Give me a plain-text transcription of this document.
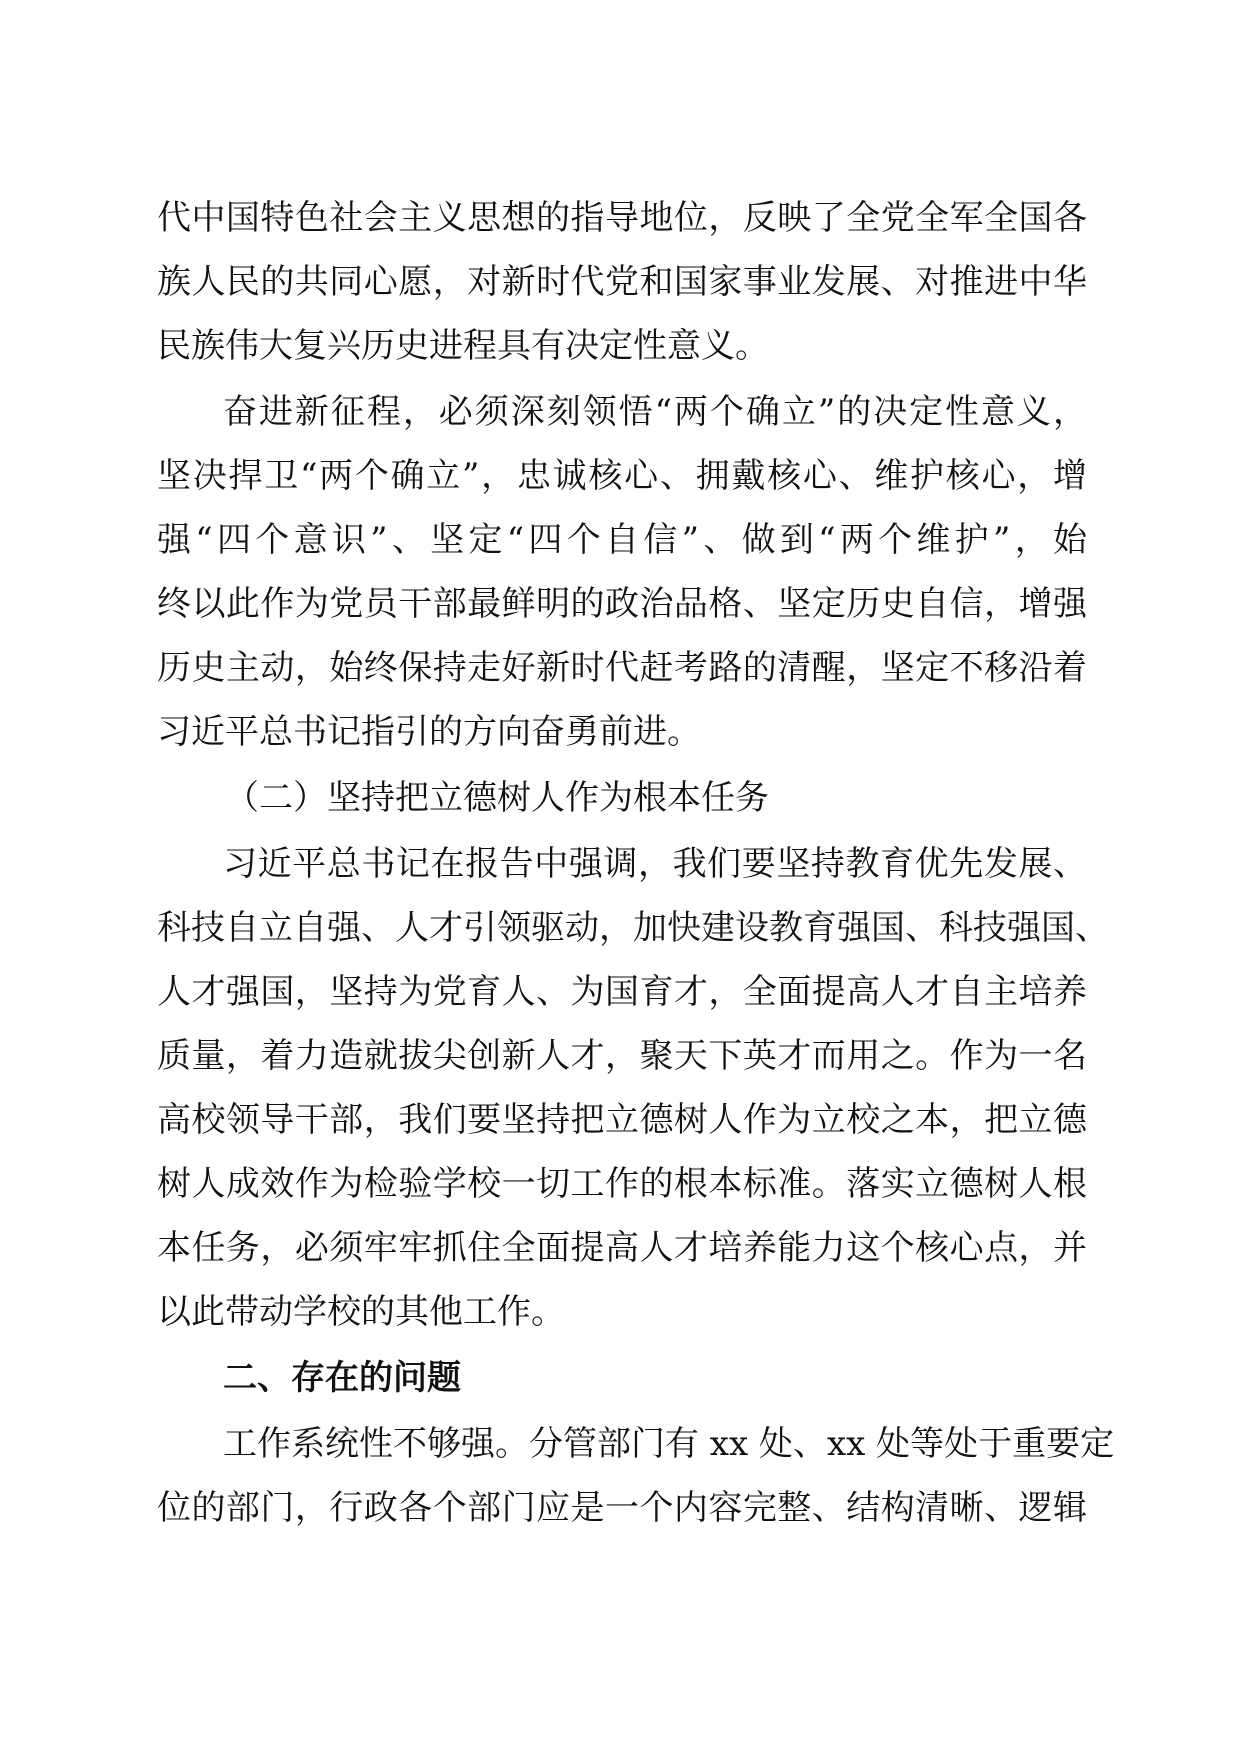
代中国特色社会主义思想的指导地位，反映了全党全军全国各
族人民的共同心愿，对新时代党和国家事业发展、对推进中华
民族伟大复兴历史进程具有决定性意义。
奋进新征程，必须深刻领悟“两个确立”的决定性意义，
坚决捍卫“两个确立”，忠诚核心、拥戴核心、维护核心，增
强“四个意识”、坚定“四个自信”、做到“两个维护”，始
终以此作为党员干部最鲜明的政治品格、坚定历史自信，增强
历史主动，始终保持走好新时代赶考路的清醒，坚定不移沿着
习近平总书记指引的方向奋勇前进。
（二）坚持把立德树人作为根本任务
习近平总书记在报告中强调，我们要坚持教育优先发展、
科技自立自强、人才引领驱动，加快建设教育强国、科技强国、
人才强国，坚持为党育人、为国育才，全面提高人才自主培养
质量，着力造就拔尖创新人才，聚天下英才而用之。作为一名
高校领导干部，我们要坚持把立德树人作为立校之本，把立德
树人成效作为检验学校一切工作的根本标准。落实立德树人根
本任务，必须牢牢抓住全面提高人才培养能力这个核心点，并
以此带动学校的其他工作。
二、存在的问题
工作系统性不够强。分管部门有 xx 处、xx 处等处于重要定
位的部门，行政各个部门应是一个内容完整、结构清晰、逻辑
